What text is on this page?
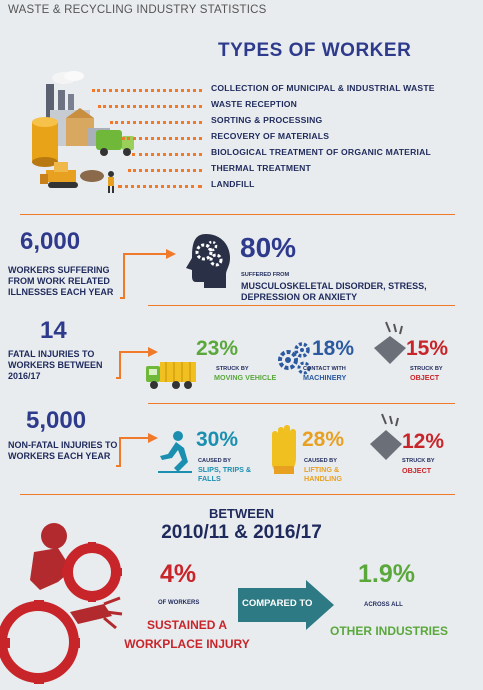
WASTE & RECYCLING INDUSTRY STATISTICS
TYPES OF WORKER
COLLECTION OF MUNICIPAL & INDUSTRIAL WASTE
WASTE RECEPTION
SORTING & PROCESSING
RECOVERY OF MATERIALS
BIOLOGICAL TREATMENT OF ORGANIC MATERIAL
THERMAL TREATMENT
LANDFILL
6,000
WORKERS SUFFERING FROM WORK RELATED ILLNESSES EACH YEAR
80%
SUFFERED FROM
MUSCULOSKELETAL DISORDER, STRESS, DEPRESSION OR ANXIETY
14
FATAL INJURIES TO WORKERS BETWEEN 2016/17
23%
STRUCK BY
MOVING VEHICLE
18%
CONTACT WITH
MACHINERY
15%
STRUCK BY
OBJECT
5,000
NON-FATAL INJURIES TO WORKERS EACH YEAR
30%
CAUSED BY
SLIPS, TRIPS & FALLS
28%
CAUSED BY
LIFTING & HANDLING
12%
STRUCK BY
OBJECT
BETWEEN
2010/11 & 2016/17
4%
OF WORKERS
SUSTAINED A WORKPLACE INJURY
COMPARED TO
1.9%
ACROSS ALL
OTHER INDUSTRIES
